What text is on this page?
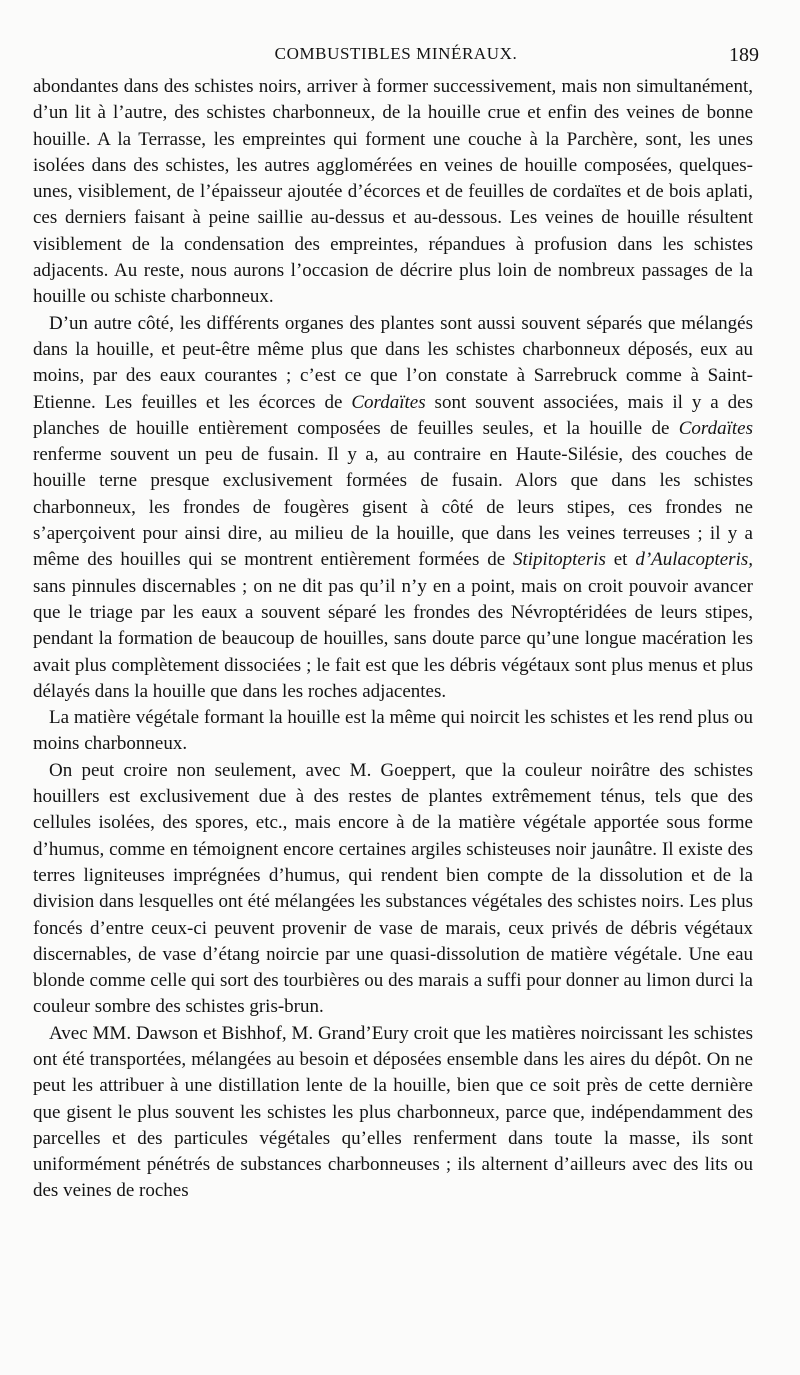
COMBUSTIBLES MINÉRAUX.	189

abondantes dans des schistes noirs, arriver à former successivement, mais non simultanément, d’un lit à l’autre, des schistes charbonneux, de la houille crue et enfin des veines de bonne houille. A la Terrasse, les empreintes qui forment une couche à la Parchère, sont, les unes isolées dans des schistes, les autres agglomérées en veines de houille composées, quelques-unes, visiblement, de l’épaisseur ajoutée d’écorces et de feuilles de cordaïtes et de bois aplati, ces derniers faisant à peine saillie au-dessus et au-dessous. Les veines de houille résultent visiblement de la condensation des empreintes, répandues à profusion dans les schistes adjacents. Au reste, nous aurons l’occasion de décrire plus loin de nombreux passages de la houille ou schiste charbonneux.

D’un autre côté, les différents organes des plantes sont aussi souvent séparés que mélangés dans la houille, et peut-être même plus que dans les schistes charbonneux déposés, eux au moins, par des eaux courantes ; c’est ce que l’on constate à Sarrebruck comme à Saint-Etienne. Les feuilles et les écorces de Cordaïtes sont souvent associées, mais il y a des planches de houille entièrement composées de feuilles seules, et la houille de Cordaïtes renferme souvent un peu de fusain. Il y a, au contraire en Haute-Silésie, des couches de houille terne presque exclusivement formées de fusain. Alors que dans les schistes charbonneux, les frondes de fougères gisent à côté de leurs stipes, ces frondes ne s’aperçoivent pour ainsi dire, au milieu de la houille, que dans les veines terreuses ; il y a même des houilles qui se montrent entièrement formées de Stipitopteris et d’Aulacopteris, sans pinnules discernables ; on ne dit pas qu’il n’y en a point, mais on croit pouvoir avancer que le triage par les eaux a souvent séparé les frondes des Névroptéridées de leurs stipes, pendant la formation de beaucoup de houilles, sans doute parce qu’une longue macération les avait plus complètement dissociées ; le fait est que les débris végétaux sont plus menus et plus délayés dans la houille que dans les roches adjacentes.

La matière végétale formant la houille est la même qui noircit les schistes et les rend plus ou moins charbonneux.

On peut croire non seulement, avec M. Goeppert, que la couleur noirâtre des schistes houillers est exclusivement due à des restes de plantes extrêmement ténus, tels que des cellules isolées, des spores, etc., mais encore à de la matière végétale apportée sous forme d’humus, comme en témoignent encore certaines argiles schisteuses noir jaunâtre. Il existe des terres ligniteuses imprégnées d’humus, qui rendent bien compte de la dissolution et de la division dans lesquelles ont été mélangées les substances végétales des schistes noirs. Les plus foncés d’entre ceux-ci peuvent provenir de vase de marais, ceux privés de débris végétaux discernables, de vase d’étang noircie par une quasi-dissolution de matière végétale. Une eau blonde comme celle qui sort des tourbières ou des marais a suffi pour donner au limon durci la couleur sombre des schistes gris-brun.

Avec MM. Dawson et Bishhof, M. Grand’Eury croit que les matières noircissant les schistes ont été transportées, mélangées au besoin et déposées ensemble dans les aires du dépôt. On ne peut les attribuer à une distillation lente de la houille, bien que ce soit près de cette dernière que gisent le plus souvent les schistes les plus charbonneux, parce que, indépendamment des parcelles et des particules végétales qu’elles renferment dans toute la masse, ils sont uniformément pénétrés de substances charbonneuses ; ils alternent d’ailleurs avec des lits ou des veines de roches
